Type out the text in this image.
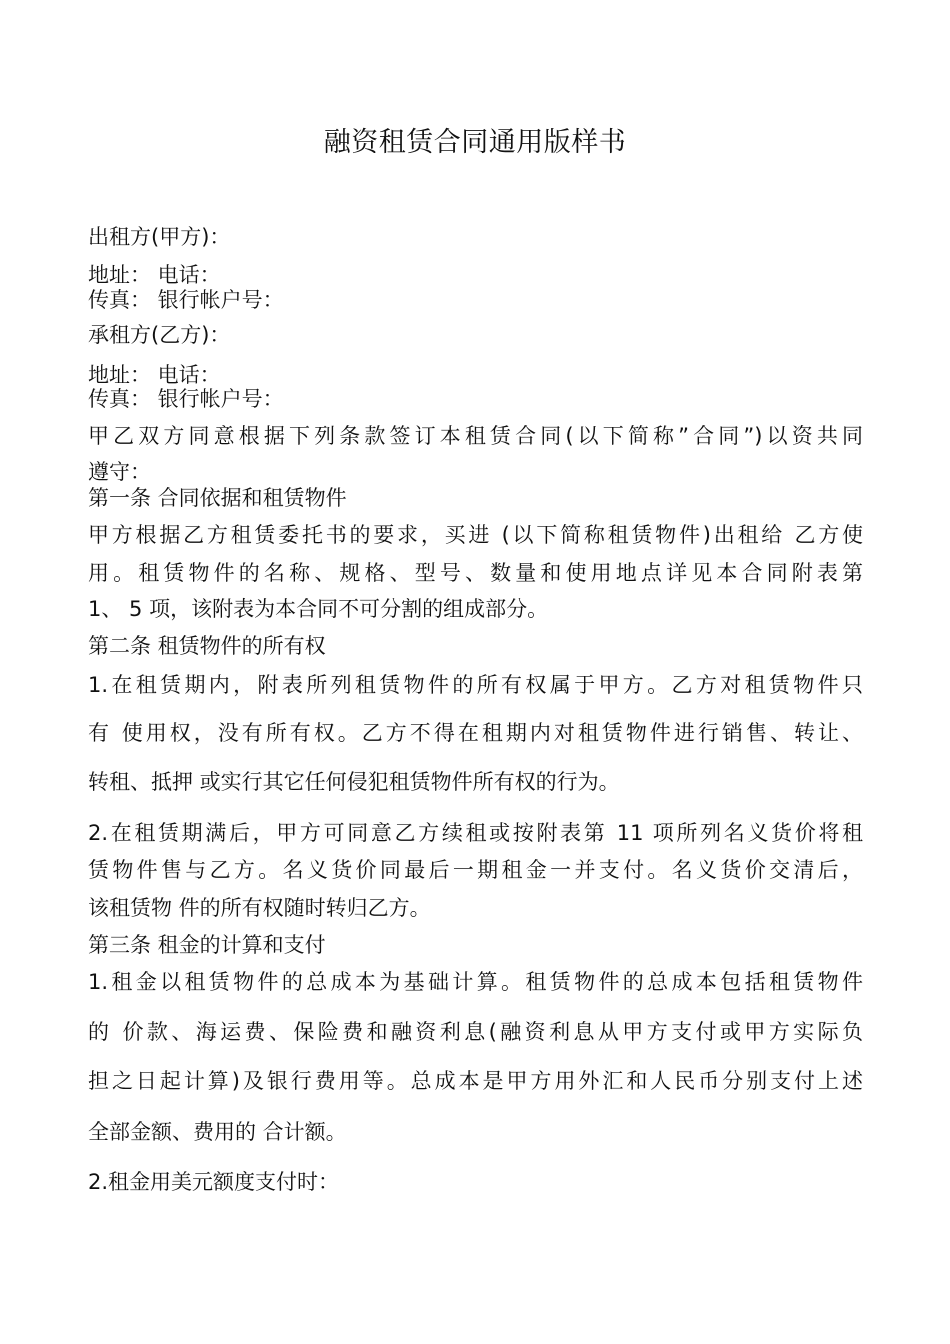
融资租赁合同通用版样书
出租方(甲方)：
地址： 电话：
传真： 银行帐户号：
承租方(乙方)：
地址： 电话：
传真： 银行帐户号：
甲乙双方同意根据下列条款签订本租赁合同(以下简称”合同”)以资共同
遵守：
第一条 合同依据和租赁物件
甲方根据乙方租赁委托书的要求，买进 (以下简称租赁物件)出租给 乙方使
用。租赁物件的名称、规格、型号、数量和使用地点详见本合同附表第
1、 5 项，该附表为本合同不可分割的组成部分。
第二条 租赁物件的所有权
1.在租赁期内，附表所列租赁物件的所有权属于甲方。乙方对租赁物件只
有 使用权，没有所有权。乙方不得在租期内对租赁物件进行销售、转让、
转租、抵押 或实行其它任何侵犯租赁物件所有权的行为。
2.在租赁期满后，甲方可同意乙方续租或按附表第 11 项所列名义货价将租
赁物件售与乙方。名义货价同最后一期租金一并支付。名义货价交清后，
该租赁物 件的所有权随时转归乙方。
第三条 租金的计算和支付
1.租金以租赁物件的总成本为基础计算。租赁物件的总成本包括租赁物件
的 价款、海运费、保险费和融资利息(融资利息从甲方支付或甲方实际负
担之日起计算)及银行费用等。总成本是甲方用外汇和人民币分别支付上述
全部金额、费用的 合计额。
2.租金用美元额度支付时：
